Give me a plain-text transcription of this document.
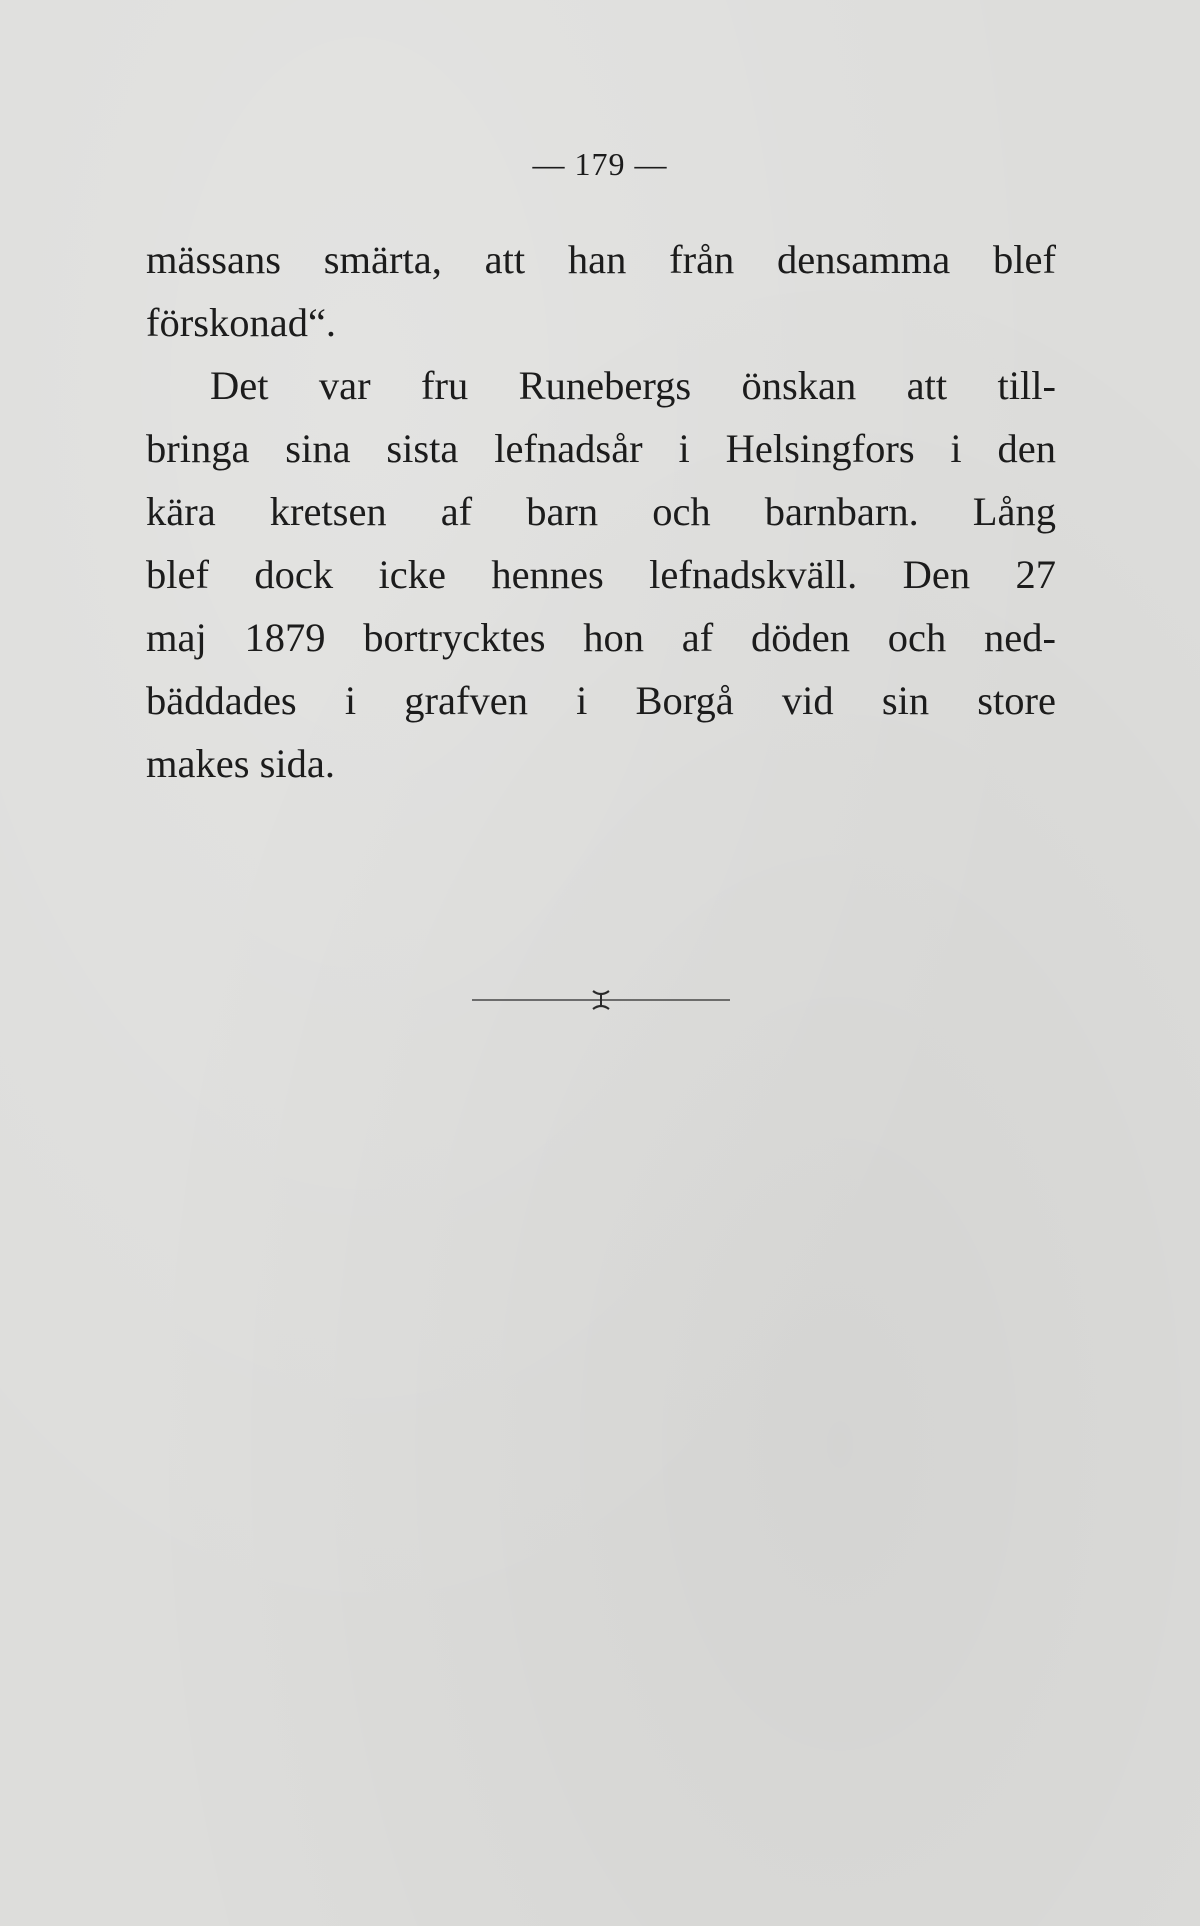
— 179 —
mässans smärta, att han från densamma blef
förskonad“.
Det var fru Runebergs önskan att till-
bringa sina sista lefnadsår i Helsingfors i den
kära kretsen af barn och barnbarn. Lång
blef dock icke hennes lefnadskväll. Den 27
maj 1879 bortrycktes hon af döden och ned-
bäddades i grafven i Borgå vid sin store
makes sida.
